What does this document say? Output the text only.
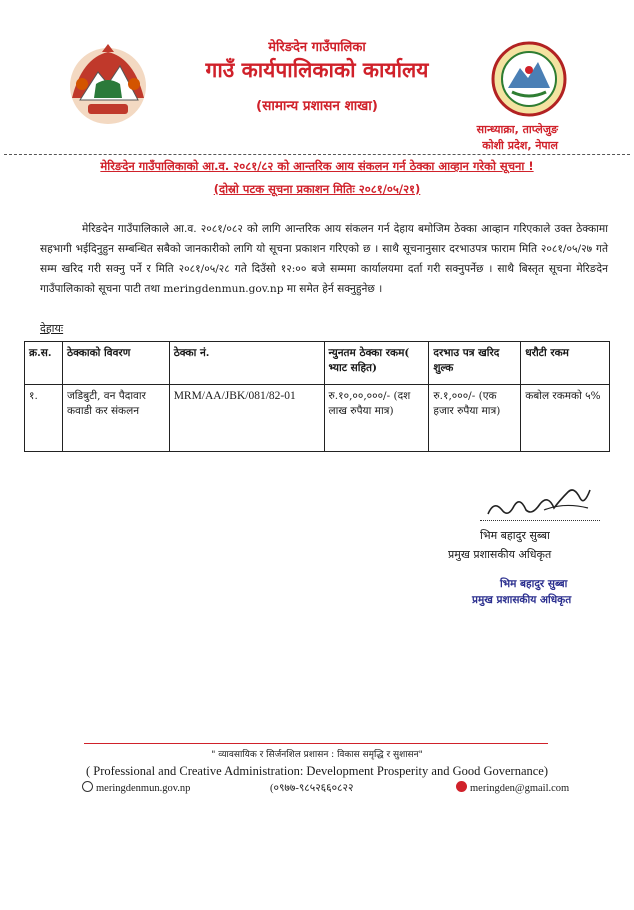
मेरिङदेन गाउँपालिका
गाउँ कार्यपालिकाको कार्यालय
(सामान्य प्रशासन शाखा)
सान्ध्याक्रा, ताप्लेजुङ
कोशी प्रदेश, नेपाल
मेरिङदेन गाउँपालिकाको आ.व. २०८१/८२ को आन्तरिक आय संकलन गर्न ठेक्का आव्हान गरेको सूचना !
(दोस्रो पटक सूचना प्रकाशन मितिः २०८१/०५/२१)
मेरिङदेन गाउँपालिकाले आ.व. २०८१/०८२ को लागि आन्तरिक आय संकलन गर्न देहाय बमोजिम ठेक्का आव्हान गरिएकाले उक्त ठेक्कामा सहभागी भईदिनुहुन सम्बन्धित सबैको जानकारीको लागि यो सूचना प्रकाशन गरिएको छ । साथै सूचनानुसार दरभाउपत्र फाराम मिति २०८१/०५/२७ गते सम्म खरिद गरी सक्नु पर्ने र मिति २०८१/०५/२८ गते दिउँसो १२:०० बजे सम्ममा कार्यालयमा दर्ता गरी सक्नुपर्नेछ । साथै बिस्तृत सूचना मेरिङदेन गाउँपालिकाको सूचना पाटी तथा meringdenmun.gov.np मा समेत हेर्न सक्नुहुनेछ ।
देहायः
क्र.स.	ठेक्काको विवरण	ठेक्का नं.	न्युनतम ठेक्का रकम( भ्याट सहित)	दरभाउ पत्र खरिद शुल्क	धरौटी रकम
१.	जडिबुटी, वन पैदावार कवाडी कर संकलन	MRM/AA/JBK/081/82-01	रु.१०,००,०००/- (दश लाख रुपैया मात्र)	रु.१,०००/- (एक हजार रुपैया मात्र)	कबोल रकमको ५%
भिम बहादुर सुब्बा
प्रमुख प्रशासकीय अधिकृत
भिम बहादुर सुब्बा
प्रमुख प्रशासकीय अधिकृत
" व्यावसायिक र सिर्जनशिल प्रशासन : विकास समृद्धि र सुशासन"
( Professional and Creative Administration: Development Prosperity and Good Governance)
meringdenmun.gov.np	(०९७७-९८५२६६०८२२	meringden@gmail.com
